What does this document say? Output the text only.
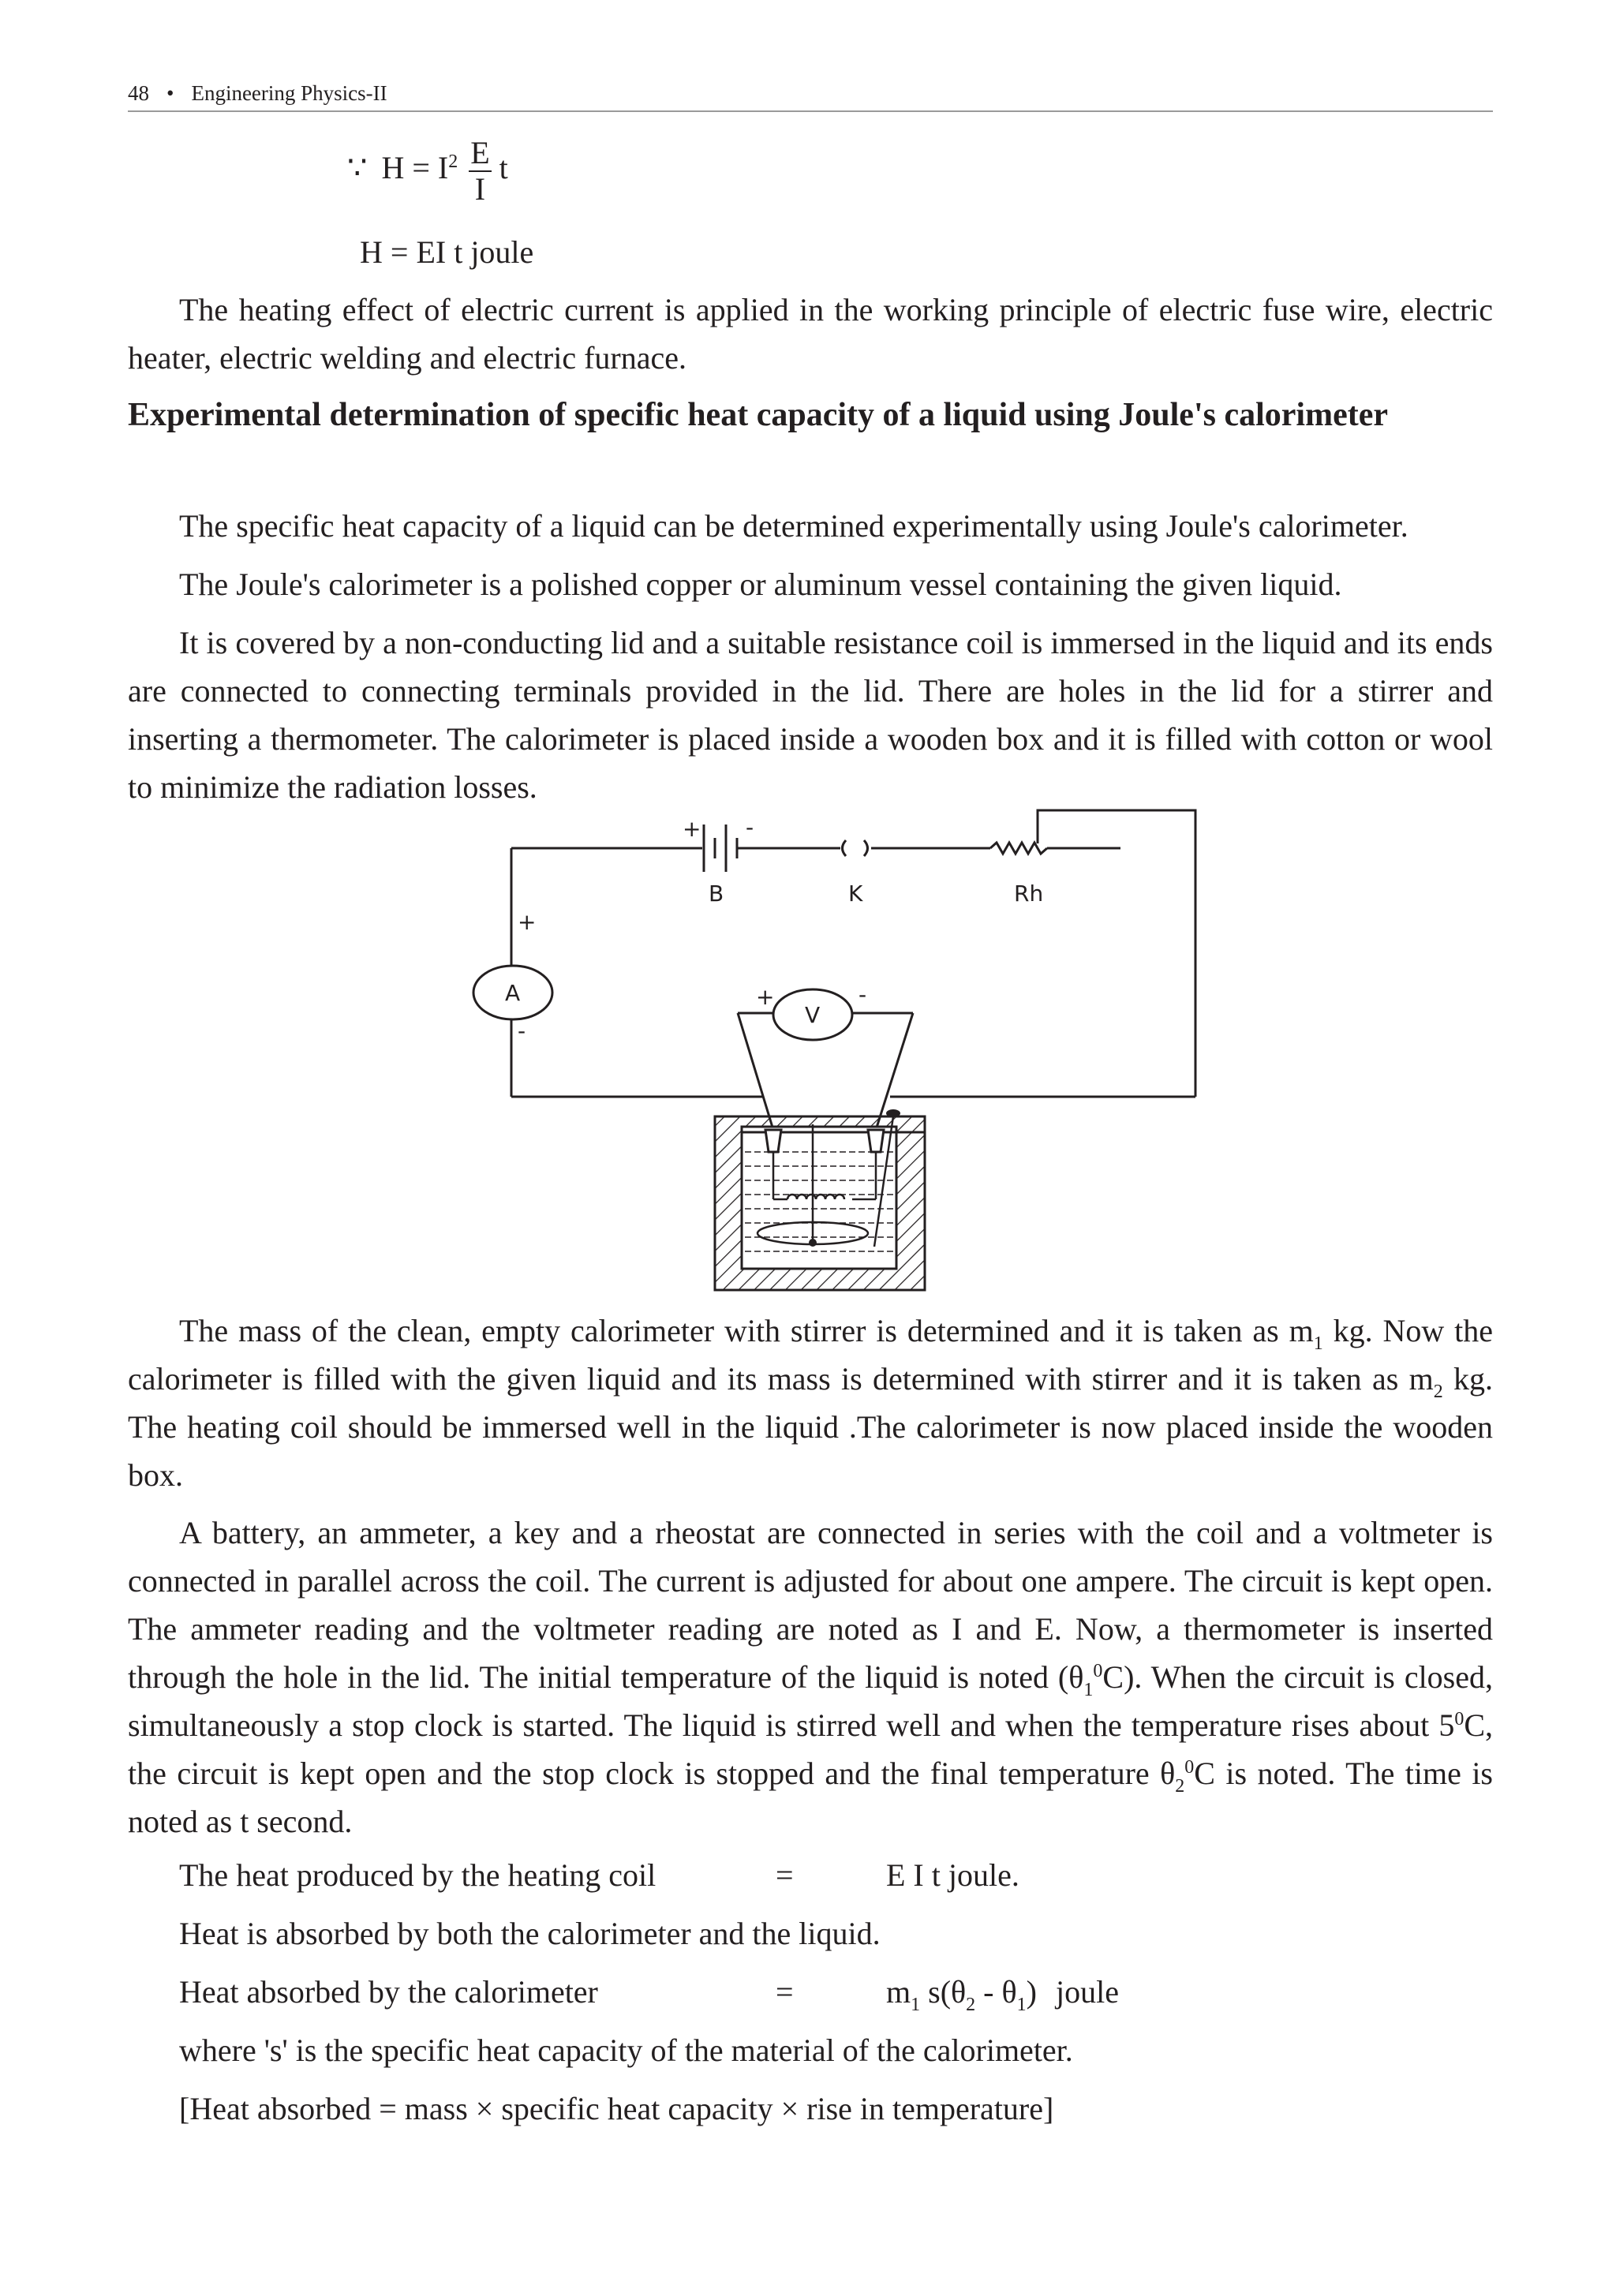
48 • Engineering Physics-II
∵ $H = I^2 \frac{E}{I}$ t
H = EI t joule
The heating effect of electric current is applied in the working principle of electric fuse wire, electric heater, electric welding and electric furnace.
Experimental determination of specific heat capacity of a liquid using Joule's calorimeter
The specific heat capacity of a liquid can be determined experimentally using Joule's calorimeter.
The Joule's calorimeter is a polished copper or aluminum vessel containing the given liquid.
It is covered by a non-conducting lid and a suitable resistance coil is immersed in the liquid and its ends are connected to connecting terminals provided in the lid. There are holes in the lid for a stirrer and inserting a thermometer. The calorimeter is placed inside a wooden box and it is filled with cotton or wool to minimize the radiation losses.
+ -
B	K	Rh
+
A
-
+
V
-
The mass of the clean, empty calorimeter with stirrer is determined and it is taken as $m_1$ kg. Now the calorimeter is filled with the given liquid and its mass is determined with stirrer and it is taken as $m_2$ kg. The heating coil should be immersed well in the liquid .The calorimeter is now placed inside the wooden box.
A battery, an ammeter, a key and a rheostat are connected in series with the coil and a voltmeter is connected in parallel across the coil. The current is adjusted for about one ampere. The circuit is kept open. The ammeter reading and the voltmeter reading are noted as I and E. Now, a thermometer is inserted through the hole in the lid. The initial temperature of the liquid is noted $(\theta_1^0C)$. When the circuit is closed, simultaneously a stop clock is started. The liquid is stirred well and when the temperature rises about $5^0C$, the circuit is kept open and the stop clock is stopped and the final temperature $\theta_2^0C$ is noted. The time is noted as t second.
The heat produced by the heating coil	=	E I t joule.
Heat is absorbed by both the calorimeter and the liquid.
Heat absorbed by the calorimeter	=	$m_1$ $s(\theta_2 - \theta_1)$ joule
where 's' is the specific heat capacity of the material of the calorimeter.
[Heat absorbed = mass × specific heat capacity × rise in temperature]
